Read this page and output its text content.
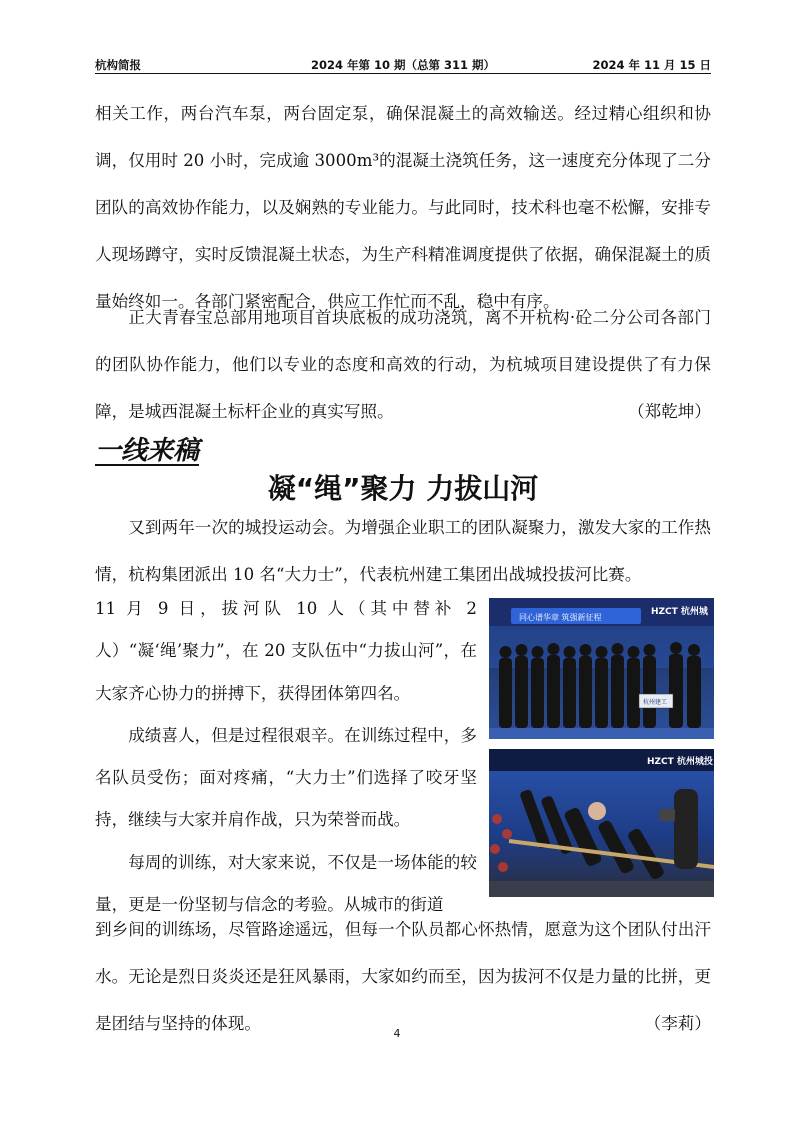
杭构简报	2024 年第 10 期（总第 311 期）	2024 年 11 月 15 日

相关工作，两台汽车泵，两台固定泵，确保混凝土的高效输送。经过精心组织和协调，仅用时 20 小时，完成逾 3000m³的混凝土浇筑任务，这一速度充分体现了二分团队的高效协作能力，以及娴熟的专业能力。与此同时，技术科也毫不松懈，安排专人现场蹲守，实时反馈混凝土状态，为生产科精准调度提供了依据，确保混凝土的质量始终如一。各部门紧密配合，供应工作忙而不乱，稳中有序。

正大青春宝总部用地项目首块底板的成功浇筑，离不开杭构·砼二分公司各部门的团队协作能力，他们以专业的态度和高效的行动，为杭城项目建设提供了有力保障，是城西混凝土标杆企业的真实写照。	（郑乾坤）

一线来稿
凝“绳”聚力 力拔山河

又到两年一次的城投运动会。为增强企业职工的团队凝聚力，激发大家的工作热情，杭构集团派出 10 名“大力士”，代表杭州建工集团出战城投拔河比赛。

11 月 9 日，拔河队 10 人（其中替补 2 人）“凝‘绳’聚力”，在 20 支队伍中“力拔山河”，在大家齐心协力的拼搏下，获得团体第四名。

成绩喜人，但是过程很艰辛。在训练过程中，多名队员受伤；面对疼痛，“大力士”们选择了咬牙坚持，继续与大家并肩作战，只为荣誉而战。

每周的训练，对大家来说，不仅是一场体能的较量，更是一份坚韧与信念的考验。从城市的街道

到乡间的训练场，尽管路途遥远，但每一个队员都心怀热情，愿意为这个团队付出汗水。无论是烈日炎炎还是狂风暴雨，大家如约而至，因为拔河不仅是力量的比拼，更是团结与坚持的体现。	（李莉）

同心谱华章 筑强新征程
HZCT 杭州城
杭州建工
HZCT 杭州城投
4
